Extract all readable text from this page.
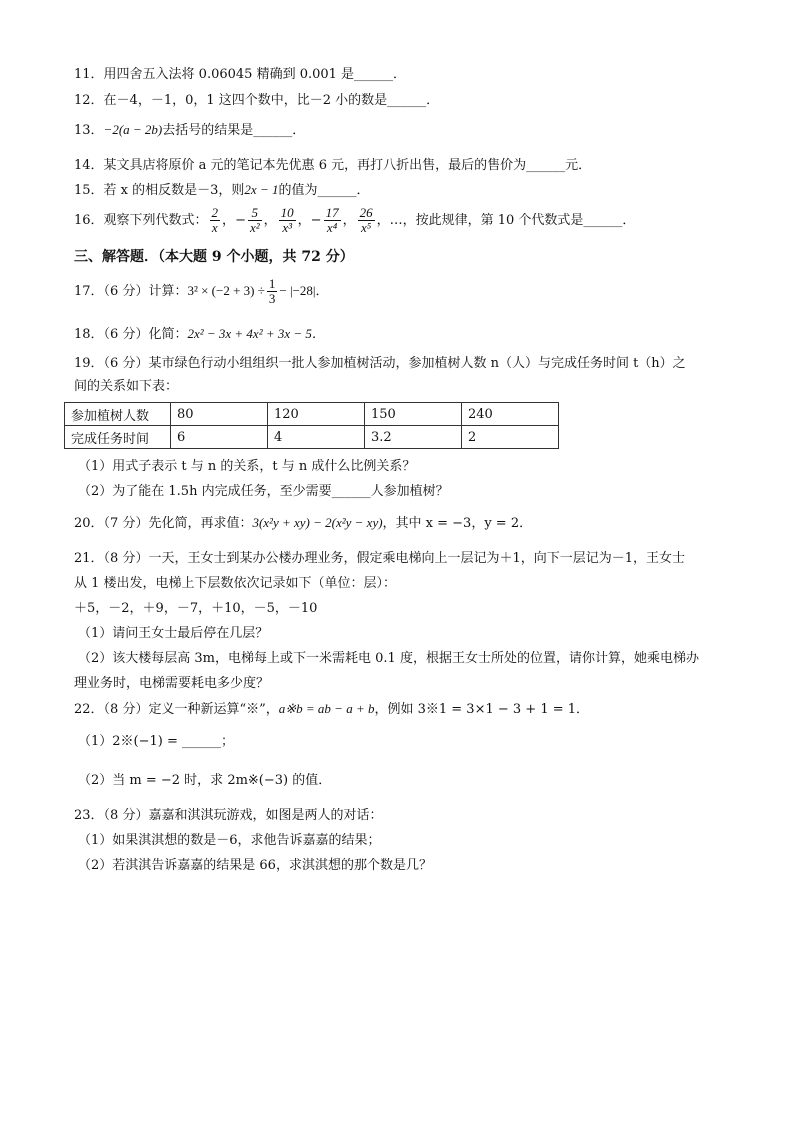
11．用四舍五入法将 0.06045 精确到 0.001 是______．
12．在－4，－1，0，1 这四个数中，比－2 小的数是______．
13．−2(a − 2b)去括号的结果是______．
14．某文具店将原价 a 元的笔记本先优惠 6 元，再打八折出售，最后的售价为______元．
15．若 x 的相反数是－3，则2x − 1的值为______．
16．观察下列代数式： $\frac{2}{x}$ ，− $\frac{5}{\text{x²}}$ ， $\frac{10}{\text{x³}}$ ，− $\frac{17}{\text{x⁴}}$ ， $\frac{26}{\text{x⁵}}$ ，…，按此规律，第 10 个代数式是______．
三、解答题．（本大题 9 个小题，共 72 分）
17．（6 分）计算：$3^2 \times (-2 + 3) \div \frac{1}{3} - |-28|$．
18．（6 分）化简：2x² − 3x + 4x² + 3x − 5．
19．（6 分）某市绿色行动小组组织一批人参加植树活动，参加植树人数 n（人）与完成任务时间 t（h）之
间的关系如下表：
参加植树人数	80	120	150	240
完成任务时间	6	4	3.2	2
（1）用式子表示 t 与 n 的关系，t 与 n 成什么比例关系？
（2）为了能在 1.5h 内完成任务，至少需要______人参加植树？
20．（7 分）先化简，再求值：3(x²y + xy) − 2(x²y − xy)，其中 x = −3，y = 2．
21．（8 分）一天，王女士到某办公楼办理业务，假定乘电梯向上一层记为＋1，向下一层记为－1，王女士
从 1 楼出发，电梯上下层数依次记录如下（单位：层）：
＋5，－2，＋9，－7，＋10，－5，－10
（1）请问王女士最后停在几层？
（2）该大楼每层高 3m，电梯每上或下一米需耗电 0.1 度，根据王女士所处的位置，请你计算，她乘电梯办
理业务时，电梯需要耗电多少度？
22．（8 分）定义一种新运算“※”，a※b = ab − a + b，例如 3※1 = 3×1 − 3 + 1 = 1．
（1）2※(−1) = ______；
（2）当 m = −2 时，求 2m※(−3) 的值．
23．（8 分）嘉嘉和淇淇玩游戏，如图是两人的对话：
（1）如果淇淇想的数是－6，求他告诉嘉嘉的结果；
（2）若淇淇告诉嘉嘉的结果是 66，求淇淇想的那个数是几？
